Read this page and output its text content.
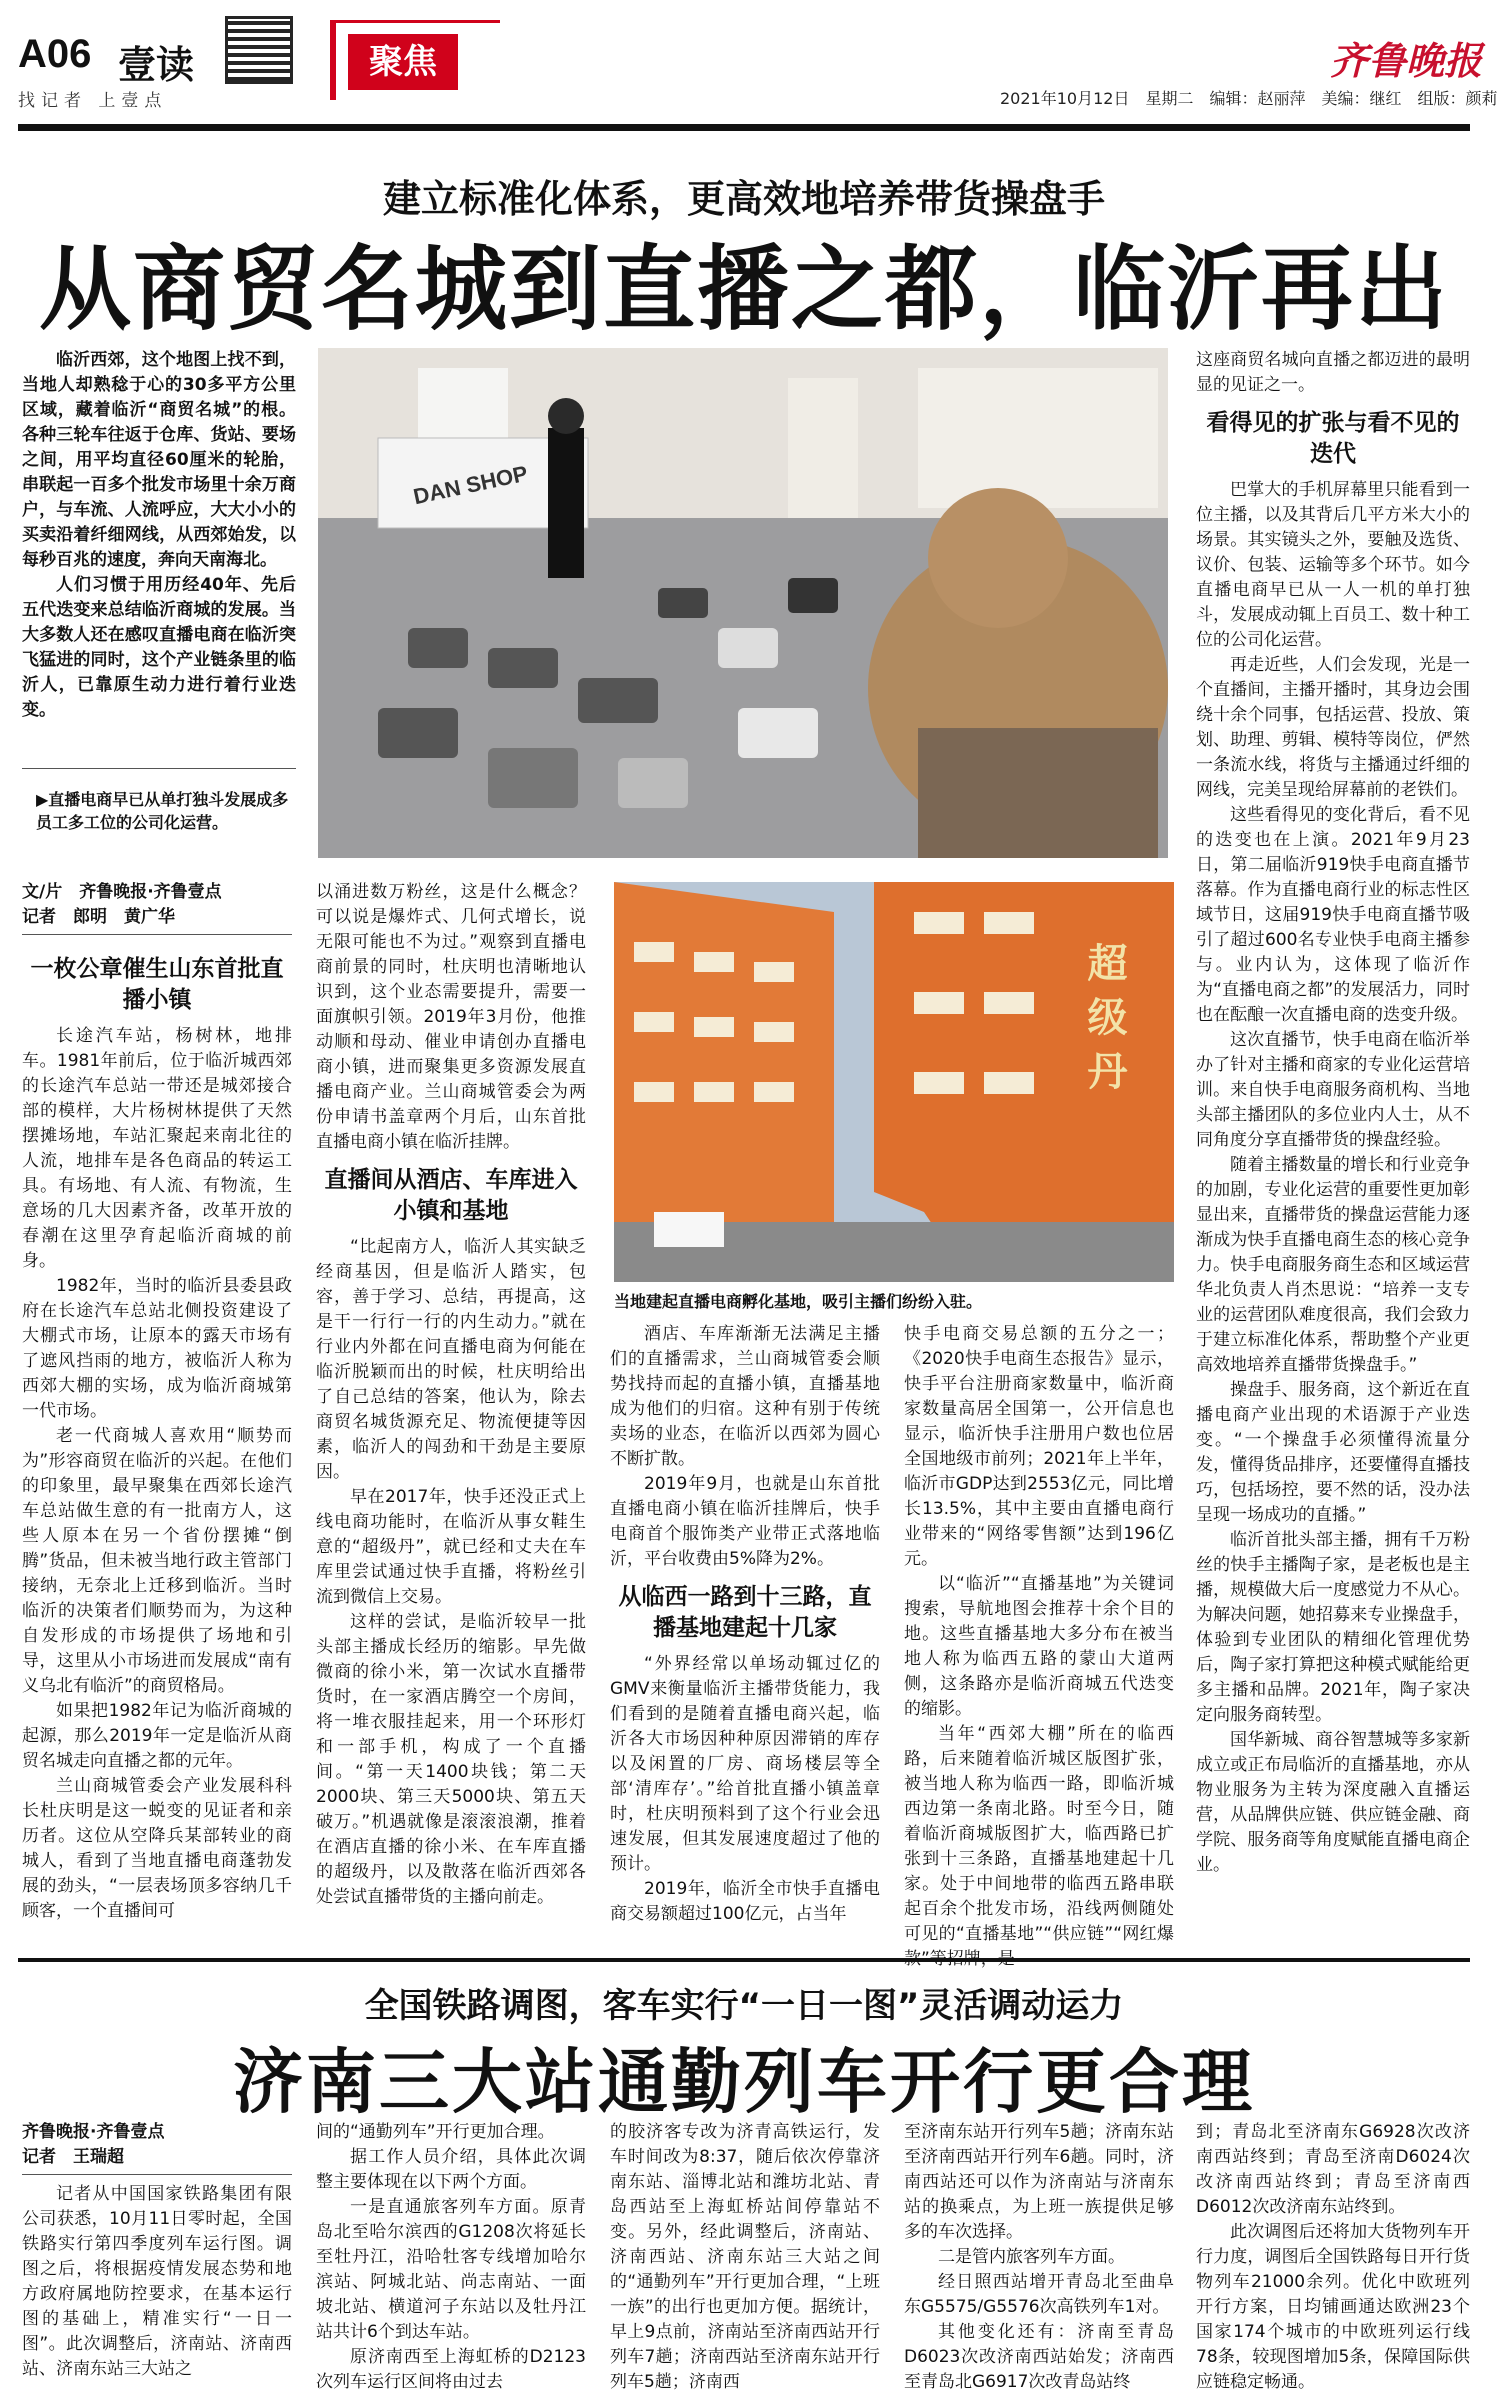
A06 壹读
找记者 上壹点
聚焦	齐鲁晚报
2021年10月12日　星期二　编辑：赵丽萍　美编：继红　组版：颜莉
建立标准化体系，更高效地培养带货操盘手
从商贸名城到直播之都，临沂再出

临沂西郊，这个地图上找不到，当地人却熟稔于心的30多平方公里区域，藏着临沂“商贸名城”的根。各种三轮车往返于仓库、货站、要场之间，用平均直径60厘米的轮胎，串联起一百多个批发市场里十余万商户，与车流、人流呼应，大大小小的买卖沿着纤细网线，从西郊始发，以每秒百兆的速度，奔向天南海北。

人们习惯于用历经40年、先后五代迭变来总结临沂商城的发展。当大多数人还在感叹直播电商在临沂突飞猛进的同时，这个产业链条里的临沂人，已靠原生动力进行着行业迭变。

▶直播电商早已从单打独斗发展成多员工多工位的公司化运营。
DAN SHOP
超 级 丹
当地建起直播电商孵化基地，吸引主播们纷纷入驻。
文/片　齐鲁晚报·齐鲁壹点
记者　郎明　黄广华
一枚公章催生山东首批直播小镇

长途汽车站，杨树林，地排车。1981年前后，位于临沂城西郊的长途汽车总站一带还是城郊接合部的模样，大片杨树林提供了天然摆摊场地，车站汇聚起来南北往的人流，地排车是各色商品的转运工具。有场地、有人流、有物流，生意场的几大因素齐备，改革开放的春潮在这里孕育起临沂商城的前身。

1982年，当时的临沂县委县政府在长途汽车总站北侧投资建设了大棚式市场，让原本的露天市场有了遮风挡雨的地方，被临沂人称为西郊大棚的实场，成为临沂商城第一代市场。

老一代商城人喜欢用“顺势而为”形容商贸在临沂的兴起。在他们的印象里，最早聚集在西郊长途汽车总站做生意的有一批南方人，这些人原本在另一个省份摆摊“倒腾”货品，但未被当地行政主管部门接纳，无奈北上迁移到临沂。当时临沂的决策者们顺势而为，为这种自发形成的市场提供了场地和引导，这里从小市场进而发展成“南有义乌北有临沂”的商贸格局。

如果把1982年记为临沂商城的起源，那么2019年一定是临沂从商贸名城走向直播之都的元年。

兰山商城管委会产业发展科科长杜庆明是这一蜕变的见证者和亲历者。这位从空降兵某部转业的商城人，看到了当地直播电商蓬勃发展的劲头，“一层表场顶多容纳几千顾客，一个直播间可

以涌进数万粉丝，这是什么概念？可以说是爆炸式、几何式增长，说无限可能也不为过。”观察到直播电商前景的同时，杜庆明也清晰地认识到，这个业态需要提升，需要一面旗帜引领。2019年3月份，他推动顺和母动、催业申请创办直播电商小镇，进而聚集更多资源发展直播电商产业。兰山商城管委会为两份申请书盖章两个月后，山东首批直播电商小镇在临沂挂牌。

直播间从酒店、车库进入小镇和基地

“比起南方人，临沂人其实缺乏经商基因，但是临沂人踏实，包容，善于学习、总结，再提高，这是干一行行一行的内生动力。”就在行业内外都在问直播电商为何能在临沂脱颖而出的时候，杜庆明给出了自己总结的答案，他认为，除去商贸名城货源充足、物流便捷等因素，临沂人的闯劲和干劲是主要原因。

早在2017年，快手还没正式上线电商功能时，在临沂从事女鞋生意的“超级丹”，就已经和丈夫在车库里尝试通过快手直播，将粉丝引流到微信上交易。

这样的尝试，是临沂较早一批头部主播成长经历的缩影。早先做微商的徐小米，第一次试水直播带货时，在一家酒店腾空一个房间，将一堆衣服挂起来，用一个环形灯和一部手机，构成了一个直播间。“第一天1400块钱；第二天2000块、第三天5000块、第五天破万。”机遇就像是滚滚浪潮，推着在酒店直播的徐小米、在车库直播的超级丹，以及散落在临沂西郊各处尝试直播带货的主播向前走。

酒店、车库渐渐无法满足主播们的直播需求，兰山商城管委会顺势找持而起的直播小镇，直播基地成为他们的归宿。这种有别于传统卖场的业态，在临沂以西郊为圆心不断扩散。

2019年9月，也就是山东首批直播电商小镇在临沂挂牌后，快手电商首个服饰类产业带正式落地临沂，平台收费由5%降为2%。

从临西一路到十三路，直播基地建起十几家

“外界经常以单场动辄过亿的GMV来衡量临沂主播带货能力，我们看到的是随着直播电商兴起，临沂各大市场因种种原因滞销的库存以及闲置的厂房、商场楼层等全部‘清库存’。”给首批直播小镇盖章时，杜庆明预料到了这个行业会迅速发展，但其发展速度超过了他的预计。

2019年，临沂全市快手直播电商交易额超过100亿元，占当年

快手电商交易总额的五分之一；《2020快手电商生态报告》显示，快手平台注册商家数量中，临沂商家数量高居全国第一，公开信息也显示，临沂快手注册用户数也位居全国地级市前列；2021年上半年，临沂市GDP达到2553亿元，同比增长13.5%，其中主要由直播电商行业带来的“网络零售额”达到196亿元。

以“临沂”“直播基地”为关键词搜索，导航地图会推荐十余个目的地。这些直播基地大多分布在被当地人称为临西五路的蒙山大道两侧，这条路亦是临沂商城五代迭变的缩影。

当年“西郊大棚”所在的临西路，后来随着临沂城区版图扩张，被当地人称为临西一路，即临沂城西边第一条南北路。时至今日，随着临沂商城版图扩大，临西路已扩张到十三条路，直播基地建起十几家。处于中间地带的临西五路串联起百余个批发市场，沿线两侧随处可见的“直播基地”“供应链”“网红爆

这座商贸名城向直播之都迈进的最明显的见证之一。

看得见的扩张与看不见的迭代

巴掌大的手机屏幕里只能看到一位主播，以及其背后几平方米大小的场景。其实镜头之外，要触及选货、议价、包装、运输等多个环节。如今直播电商早已从一人一机的单打独斗，发展成动辄上百员工、数十种工位的公司化运营。

再走近些，人们会发现，光是一个直播间，主播开播时，其身边会围绕十余个同事，包括运营、投放、策划、助理、剪辑、模特等岗位，俨然一条流水线，将货与主播通过纤细的网线，完美呈现给屏幕前的老铁们。

这些看得见的变化背后，看不见的迭变也在上演。2021年9月23日，第二届临沂919快手电商直播节落幕。作为直播电商行业的标志性区域节日，这届919快手电商直播节吸引了超过600名专业快手电商主播参与。业内认为，这体现了临沂作为“直播电商之都”的发展活力，同时也在酝酿一次直播电商的迭变升级。

这次直播节，快手电商在临沂举办了针对主播和商家的专业化运营培训。来自快手电商服务商机构、当地头部主播团队的多位业内人士，从不同角度分享直播带货的操盘经验。

随着主播数量的增长和行业竞争的加剧，专业化运营的重要性更加彰显出来，直播带货的操盘运营能力逐渐成为快手直播电商生态的核心竞争力。快手电商服务商生态和区域运营华北负责人肖杰思说：“培养一支专业的运营团队难度很高，我们会致力于建立标准化体系，帮助整个产业更高效地培养直播带货操盘手。”

操盘手、服务商，这个新近在直播电商产业出现的术语源于产业迭变。“一个操盘手必须懂得流量分发，懂得货品排序，还要懂得直播技巧，包括场控，要不然的话，没办法呈现一场成功的直播。”

临沂首批头部主播，拥有千万粉丝的快手主播陶子家，是老板也是主播，规模做大后一度感觉力不从心。为解决问题，她招募来专业操盘手，体验到专业团队的精细化管理优势后，陶子家打算把这种模式赋能给更多主播和品牌。2021年，陶子家决定向服务商转型。

国华新城、商谷智慧城等多家新成立或正布局临沂的直播基地，亦从物业服务为主转为深度融入直播运营，从品牌供应链、供应链金融、商学院、服务商等角度赋能直播电商企业。

全国铁路调图，客车实行“一日一图”灵活调动运力
济南三大站通勤列车开行更合理
齐鲁晚报·齐鲁壹点
记者　王瑞超

记者从中国国家铁路集团有限公司获悉，10月11日零时起，全国铁路实行第四季度列车运行图。调图之后，将根据疫情发展态势和地方政府属地防控要求，在基本运行图的基础上，精准实行“一日一图”。此次调整后，济南站、济南西站、济南东站三大站之

间的“通勤列车”开行更加合理。

据工作人员介绍，具体此次调整主要体现在以下两个方面。

一是直通旅客列车方面。原青岛北至哈尔滨西的G1208次将延长至牡丹江，沿哈牡客专线增加哈尔滨站、阿城北站、尚志南站、一面坡北站、横道河子东站以及牡丹江站共计6个到达车站。

原济南西至上海虹桥的D2123次列车运行区间将由过去

的胶济客专改为济青高铁运行，发车时间改为8:37，随后依次停靠济南东站、淄博北站和潍坊北站、青岛西站至上海虹桥站间停靠站不变。另外，经此调整后，济南站、济南西站、济南东站三大站之间的“通勤列车”开行更加合理，“上班一族”的出行也更加方便。据统计，早上9点前，济南站至济南西站开行列车7趟；济南西站至济南东站开行列车5趟；济南西

至济南东站开行列车5趟；济南东站至济南西站开行列车6趟。同时，济南西站还可以作为济南站与济南东站的换乘点，为上班一族提供足够多的车次选择。

二是管内旅客列车方面。

经日照西站增开青岛北至曲阜东G5575/G5576次高铁列车1对。

其他变化还有：济南至青岛D6023次改济南西站始发；济南西至青岛北G6917次改青岛站终

到；青岛北至济南东G6928次改济南西站终到；青岛至济南D6024次改济南西站终到；青岛至济南西D6012次改济南东站终到。

此次调图后还将加大货物列车开行力度，调图后全国铁路每日开行货物列车21000余列。优化中欧班列开行方案，日均铺画通达欧洲23个国家174个城市的中欧班列运行线78条，较现图增加5条，保障国际供应链稳定畅通。
